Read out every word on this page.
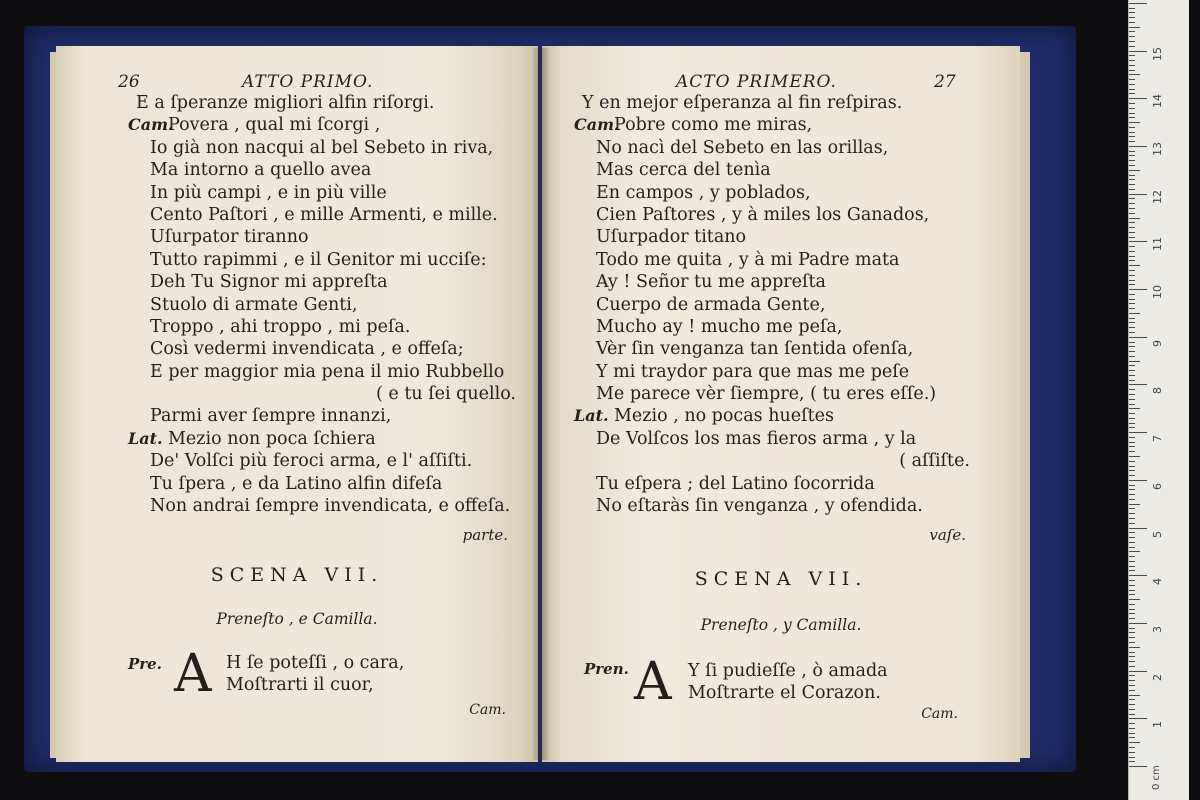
26	ATTO PRIMO.
E a ſperanze migliori alfin riſorgi.
Cam.
Povera , qual mi ſcorgi ,
Io già non nacqui al bel Sebeto in riva,
Ma intorno a quello avea
In più campi , e in più ville
Cento Paſtori , e mille Armenti, e mille.
Uſurpator tiranno
Tutto rapimmi , e il Genitor mi ucciſe:
Deh Tu Signor mi appreſta
Stuolo di armate Genti,
Troppo , ahi troppo , mi peſa.
Così vedermi invendicata , e offeſa;
E per maggior mia pena il mio Rubbello
( e tu ſei quello.
Parmi aver ſempre innanzi,
Lat. Mezio non poca ſchiera
De' Volſci più feroci arma, e l' aſſiſti.
Tu ſpera , e da Latino alfin difeſa
Non andrai ſempre invendicata, e offeſa.
parte.
SCENA VII.
Preneſto , e Camilla.
Pre. A H ſe poteſſi , o cara,
Moſtrarti il cuor,
Cam.
ACTO PRIMERO.	27
Y en mejor eſperanza al fin reſpiras.
Cam.
Pobre como me miras,
No nacì del Sebeto en las orillas,
Mas cerca del tenìa
En campos , y poblados,
Cien Paſtores , y à miles los Ganados,
Uſurpador titano
Todo me quita , y à mi Padre mata
Ay ! Señor tu me appreſta
Cuerpo de armada Gente,
Mucho ay ! mucho me peſa,
Vèr ſin venganza tan ſentida ofenſa,
Y mi traydor para que mas me peſe
Me parece vèr ſiempre, ( tu eres eſſe.)
Lat. Mezio , no pocas hueſtes
De Volſcos los mas fieros arma , y la
( aſſiſte.
Tu eſpera ; del Latino ſocorrida
No eſtaràs ſin venganza , y ofendida.
vaſe.
SCENA VII.
Preneſto , y Camilla.
Pren. A Y ſi pudieſſe , ò amada
Moſtrarte el Corazon.
Cam.
0 cm
1
2
3
4
5
6
7
8
9
10
11
12
13
14
15
